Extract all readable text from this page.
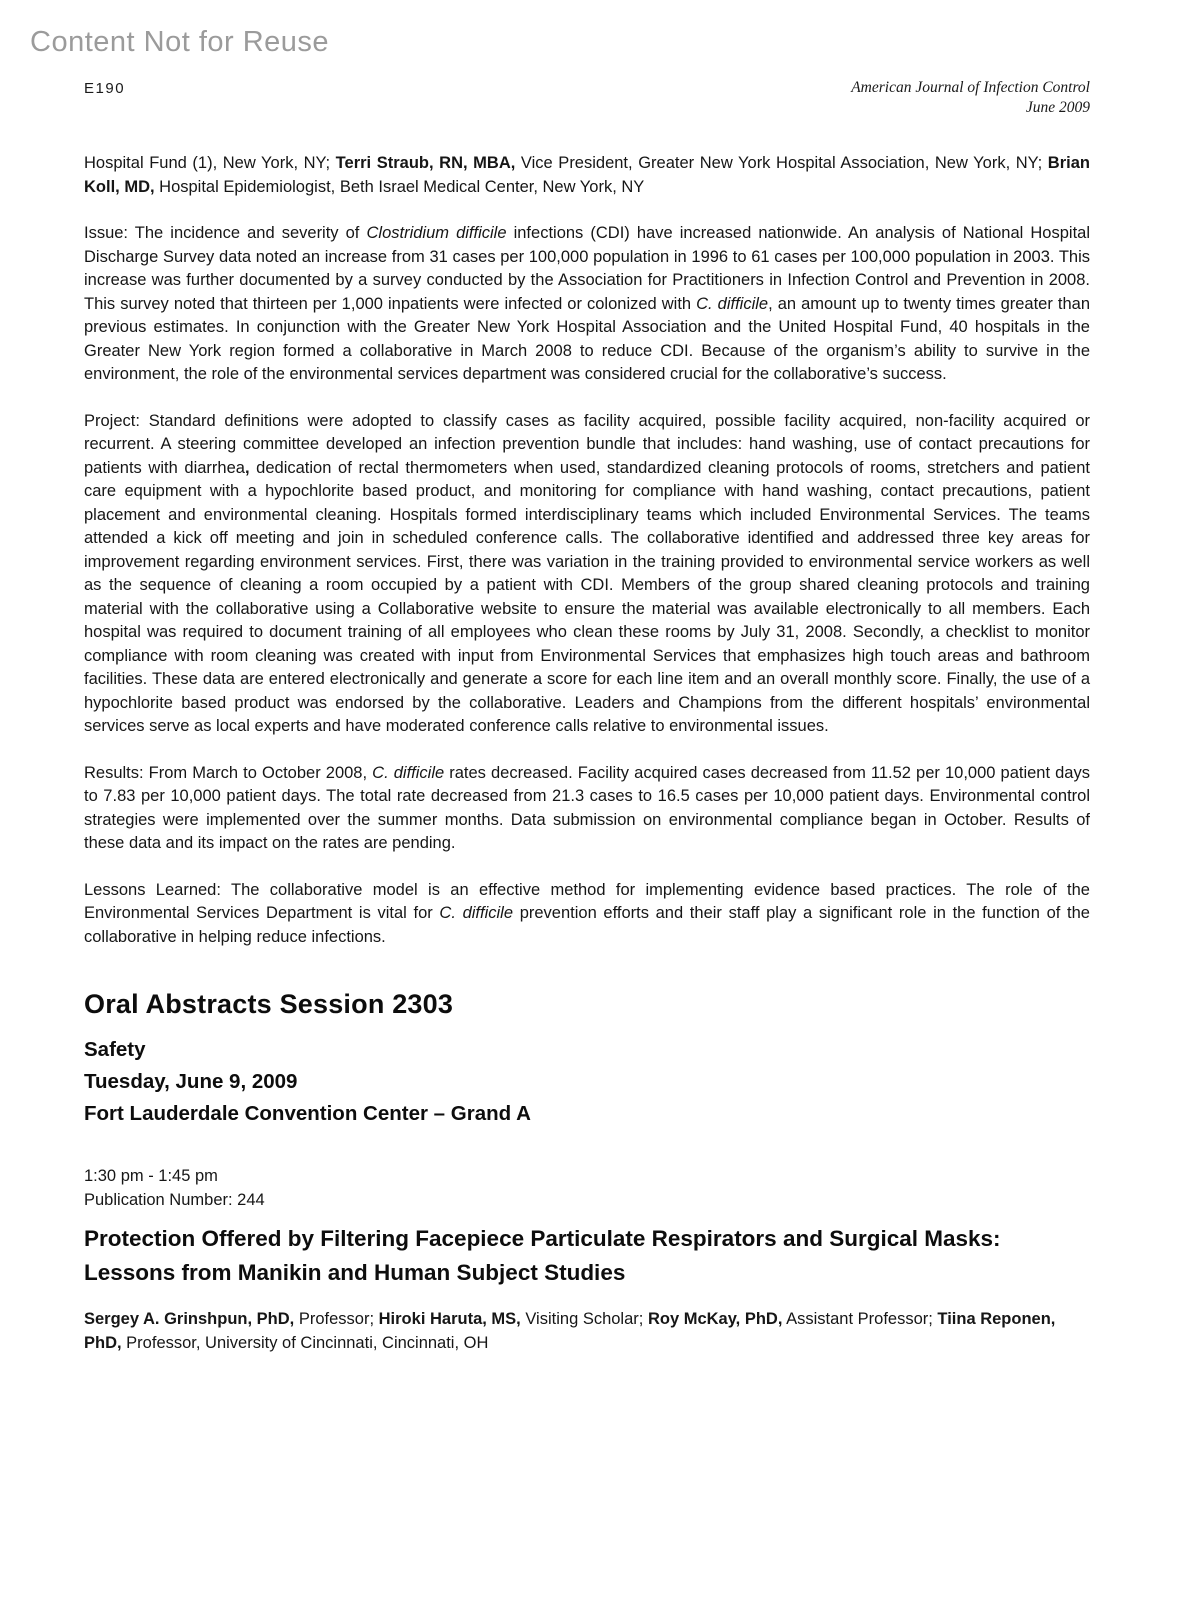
Content Not for Reuse
E190	American Journal of Infection Control
June 2009

Hospital Fund (1), New York, NY; Terri Straub, RN, MBA, Vice President, Greater New York Hospital Association, New York, NY; Brian Koll, MD, Hospital Epidemiologist, Beth Israel Medical Center, New York, NY

Issue: The incidence and severity of Clostridium difficile infections (CDI) have increased nationwide. An analysis of National Hospital Discharge Survey data noted an increase from 31 cases per 100,000 population in 1996 to 61 cases per 100,000 population in 2003. This increase was further documented by a survey conducted by the Association for Practitioners in Infection Control and Prevention in 2008. This survey noted that thirteen per 1,000 inpatients were infected or colonized with C. difficile, an amount up to twenty times greater than previous estimates. In conjunction with the Greater New York Hospital Association and the United Hospital Fund, 40 hospitals in the Greater New York region formed a collaborative in March 2008 to reduce CDI. Because of the organism’s ability to survive in the environment, the role of the environmental services department was considered crucial for the collaborative’s success.

Project: Standard definitions were adopted to classify cases as facility acquired, possible facility acquired, non-facility acquired or recurrent. A steering committee developed an infection prevention bundle that includes: hand washing, use of contact precautions for patients with diarrhea, dedication of rectal thermometers when used, standardized cleaning protocols of rooms, stretchers and patient care equipment with a hypochlorite based product, and monitoring for compliance with hand washing, contact precautions, patient placement and environmental cleaning. Hospitals formed interdisciplinary teams which included Environmental Services. The teams attended a kick off meeting and join in scheduled conference calls. The collaborative identified and addressed three key areas for improvement regarding environment services. First, there was variation in the training provided to environmental service workers as well as the sequence of cleaning a room occupied by a patient with CDI. Members of the group shared cleaning protocols and training material with the collaborative using a Collaborative website to ensure the material was available electronically to all members. Each hospital was required to document training of all employees who clean these rooms by July 31, 2008. Secondly, a checklist to monitor compliance with room cleaning was created with input from Environmental Services that emphasizes high touch areas and bathroom facilities. These data are entered electronically and generate a score for each line item and an overall monthly score. Finally, the use of a hypochlorite based product was endorsed by the collaborative. Leaders and Champions from the different hospitals’ environmental services serve as local experts and have moderated conference calls relative to environmental issues.

Results: From March to October 2008, C. difficile rates decreased. Facility acquired cases decreased from 11.52 per 10,000 patient days to 7.83 per 10,000 patient days. The total rate decreased from 21.3 cases to 16.5 cases per 10,000 patient days. Environmental control strategies were implemented over the summer months. Data submission on environmental compliance began in October. Results of these data and its impact on the rates are pending.

Lessons Learned: The collaborative model is an effective method for implementing evidence based practices. The role of the Environmental Services Department is vital for C. difficile prevention efforts and their staff play a significant role in the function of the collaborative in helping reduce infections.

Oral Abstracts Session 2303
Safety
Tuesday, June 9, 2009
Fort Lauderdale Convention Center – Grand A
1:30 pm - 1:45 pm
Publication Number: 244
Protection Offered by Filtering Facepiece Particulate Respirators and Surgical Masks: Lessons from Manikin and Human Subject Studies

Sergey A. Grinshpun, PhD, Professor; Hiroki Haruta, MS, Visiting Scholar; Roy McKay, PhD, Assistant Professor; Tiina Reponen, PhD, Professor, University of Cincinnati, Cincinnati, OH
